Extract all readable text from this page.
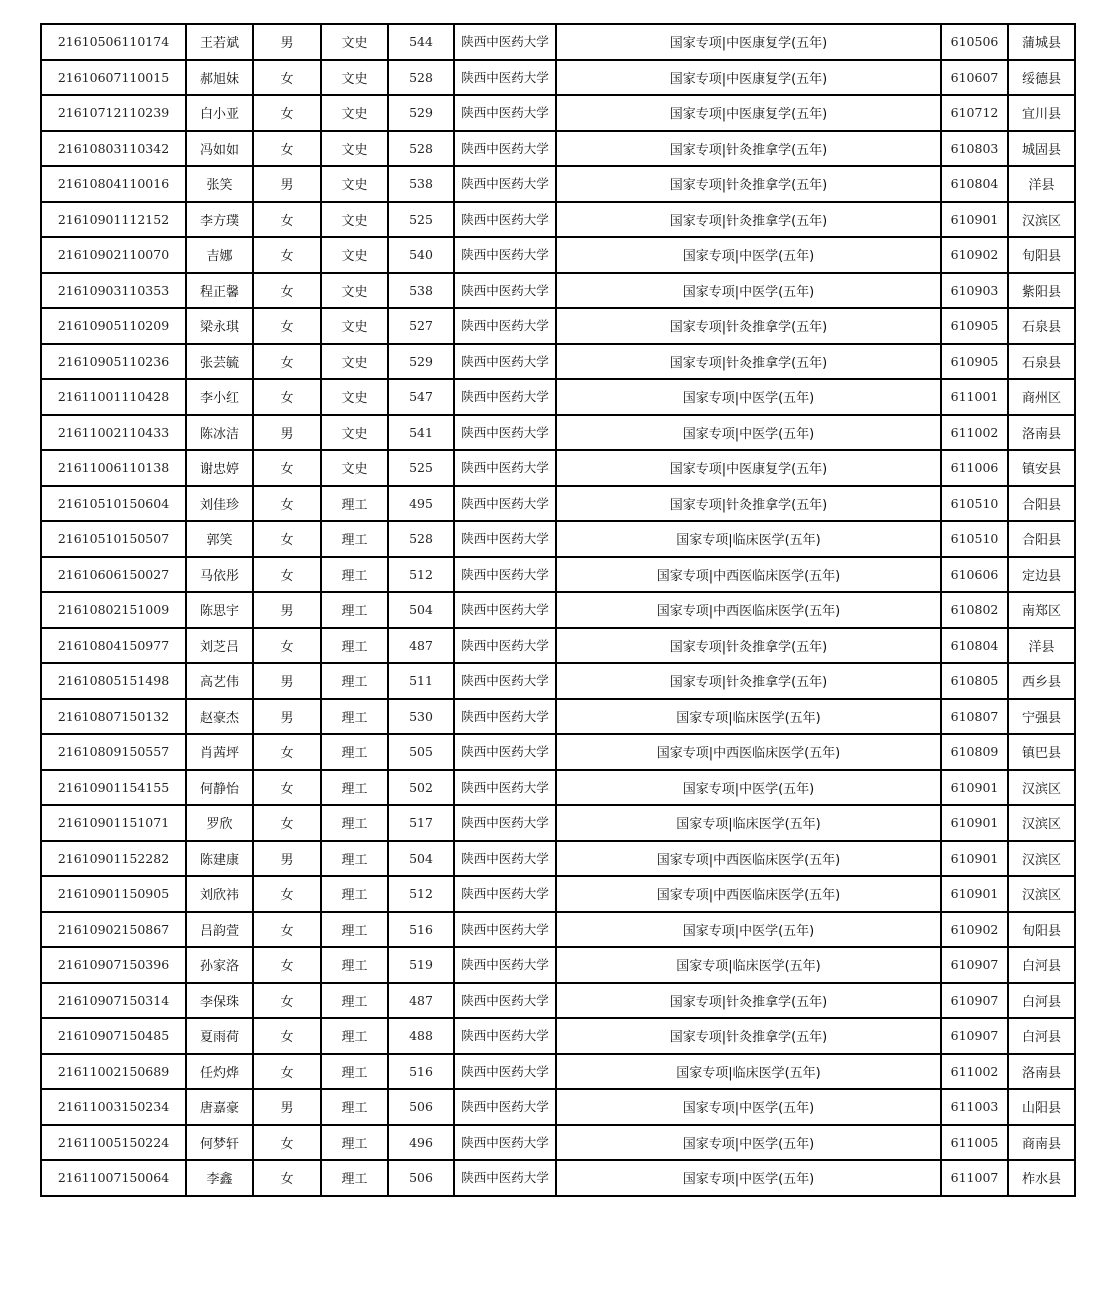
21610506110174	王若斌	男	文史	544	陕西中医药大学	国家专项|中医康复学(五年)	610506	蒲城县
21610607110015	郝旭妹	女	文史	528	陕西中医药大学	国家专项|中医康复学(五年)	610607	绥德县
21610712110239	白小亚	女	文史	529	陕西中医药大学	国家专项|中医康复学(五年)	610712	宜川县
21610803110342	冯如如	女	文史	528	陕西中医药大学	国家专项|针灸推拿学(五年)	610803	城固县
21610804110016	张笑	男	文史	538	陕西中医药大学	国家专项|针灸推拿学(五年)	610804	洋县
21610901112152	李方璞	女	文史	525	陕西中医药大学	国家专项|针灸推拿学(五年)	610901	汉滨区
21610902110070	吉娜	女	文史	540	陕西中医药大学	国家专项|中医学(五年)	610902	旬阳县
21610903110353	程正馨	女	文史	538	陕西中医药大学	国家专项|中医学(五年)	610903	紫阳县
21610905110209	梁永琪	女	文史	527	陕西中医药大学	国家专项|针灸推拿学(五年)	610905	石泉县
21610905110236	张芸毓	女	文史	529	陕西中医药大学	国家专项|针灸推拿学(五年)	610905	石泉县
21611001110428	李小红	女	文史	547	陕西中医药大学	国家专项|中医学(五年)	611001	商州区
21611002110433	陈冰洁	男	文史	541	陕西中医药大学	国家专项|中医学(五年)	611002	洛南县
21611006110138	谢忠婷	女	文史	525	陕西中医药大学	国家专项|中医康复学(五年)	611006	镇安县
21610510150604	刘佳珍	女	理工	495	陕西中医药大学	国家专项|针灸推拿学(五年)	610510	合阳县
21610510150507	郭笑	女	理工	528	陕西中医药大学	国家专项|临床医学(五年)	610510	合阳县
21610606150027	马依彤	女	理工	512	陕西中医药大学	国家专项|中西医临床医学(五年)	610606	定边县
21610802151009	陈思宇	男	理工	504	陕西中医药大学	国家专项|中西医临床医学(五年)	610802	南郑区
21610804150977	刘芝吕	女	理工	487	陕西中医药大学	国家专项|针灸推拿学(五年)	610804	洋县
21610805151498	高艺伟	男	理工	511	陕西中医药大学	国家专项|针灸推拿学(五年)	610805	西乡县
21610807150132	赵豪杰	男	理工	530	陕西中医药大学	国家专项|临床医学(五年)	610807	宁强县
21610809150557	肖茜坪	女	理工	505	陕西中医药大学	国家专项|中西医临床医学(五年)	610809	镇巴县
21610901154155	何静怡	女	理工	502	陕西中医药大学	国家专项|中医学(五年)	610901	汉滨区
21610901151071	罗欣	女	理工	517	陕西中医药大学	国家专项|临床医学(五年)	610901	汉滨区
21610901152282	陈建康	男	理工	504	陕西中医药大学	国家专项|中西医临床医学(五年)	610901	汉滨区
21610901150905	刘欣祎	女	理工	512	陕西中医药大学	国家专项|中西医临床医学(五年)	610901	汉滨区
21610902150867	吕韵萱	女	理工	516	陕西中医药大学	国家专项|中医学(五年)	610902	旬阳县
21610907150396	孙家洛	女	理工	519	陕西中医药大学	国家专项|临床医学(五年)	610907	白河县
21610907150314	李保珠	女	理工	487	陕西中医药大学	国家专项|针灸推拿学(五年)	610907	白河县
21610907150485	夏雨荷	女	理工	488	陕西中医药大学	国家专项|针灸推拿学(五年)	610907	白河县
21611002150689	任灼烨	女	理工	516	陕西中医药大学	国家专项|临床医学(五年)	611002	洛南县
21611003150234	唐嘉豪	男	理工	506	陕西中医药大学	国家专项|中医学(五年)	611003	山阳县
21611005150224	何梦轩	女	理工	496	陕西中医药大学	国家专项|中医学(五年)	611005	商南县
21611007150064	李鑫	女	理工	506	陕西中医药大学	国家专项|中医学(五年)	611007	柞水县
